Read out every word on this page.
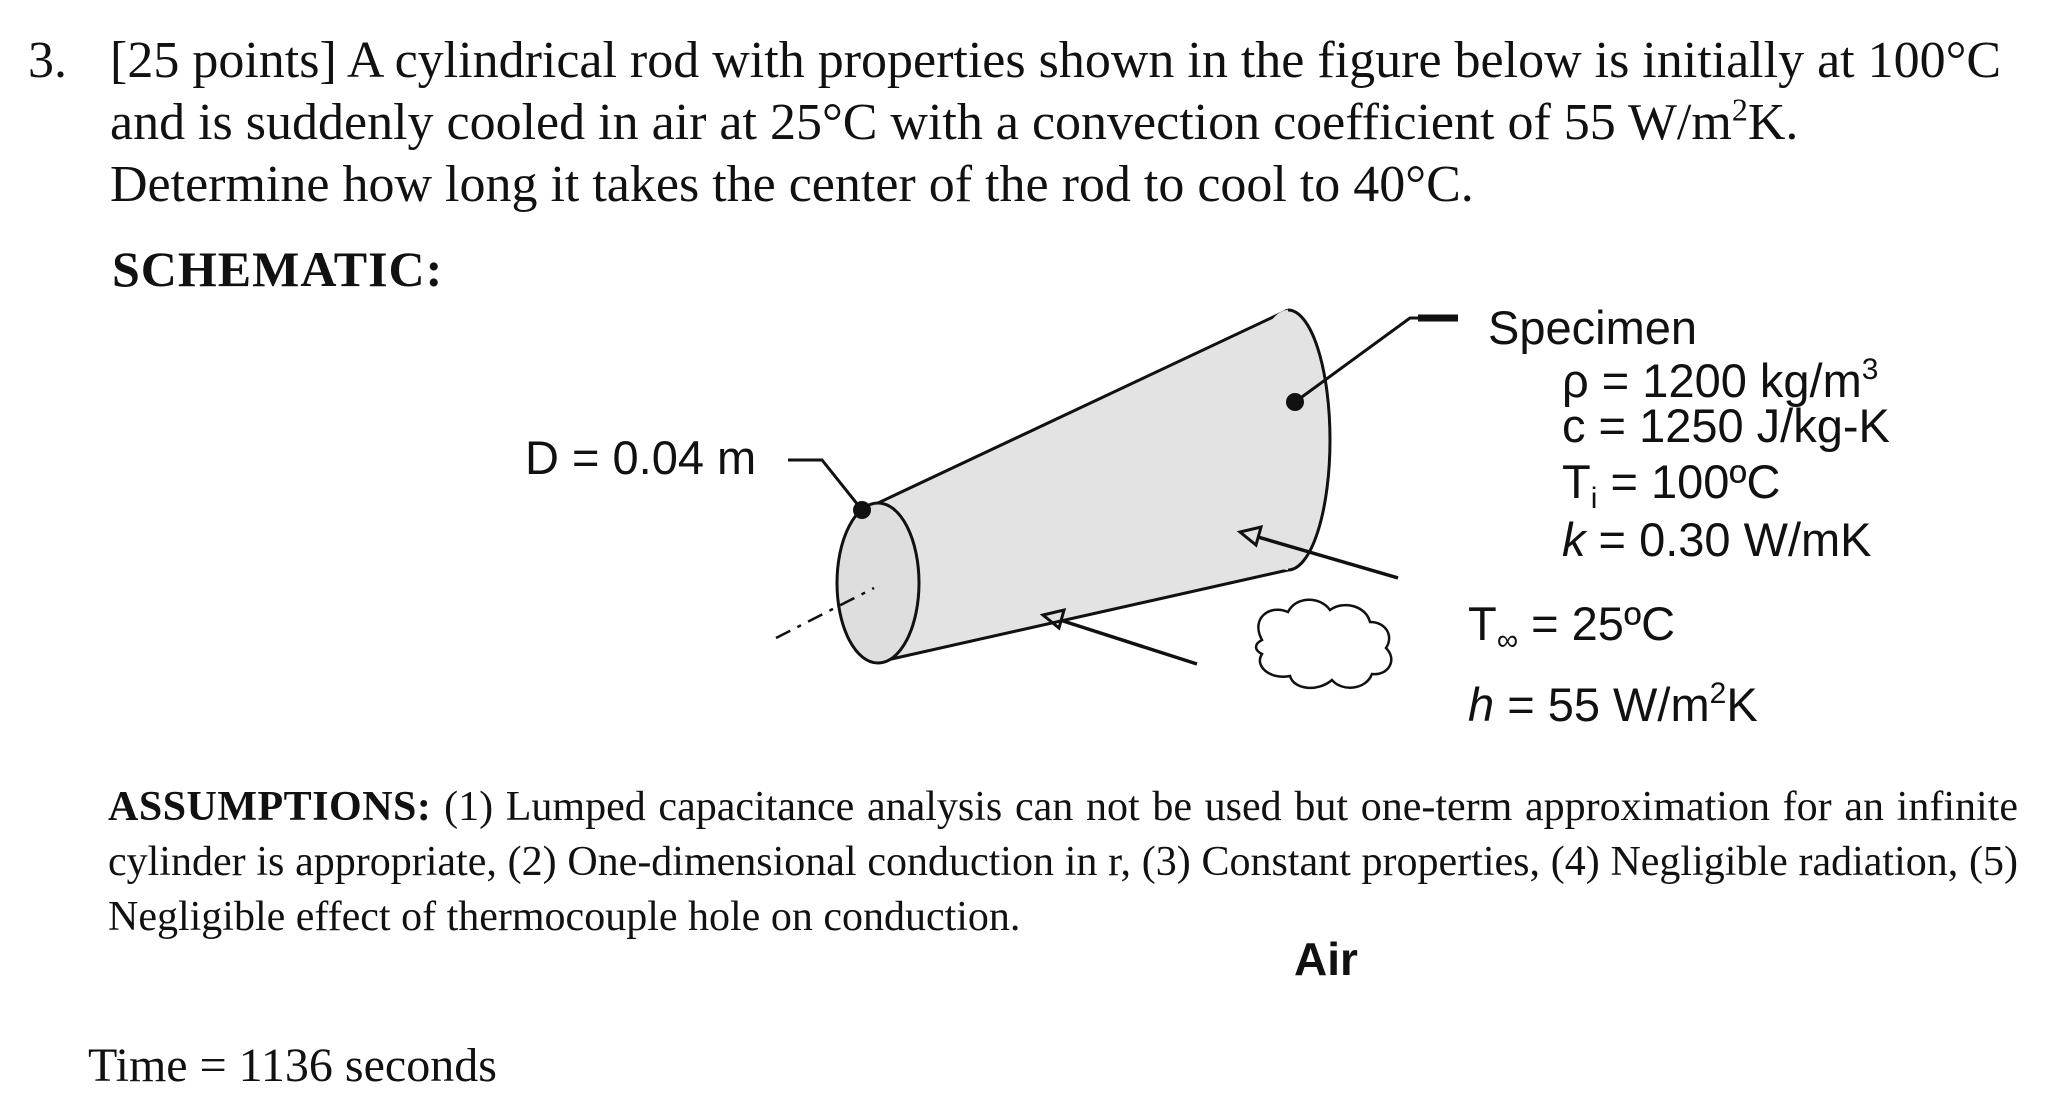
3. [25 points] A cylindrical rod with properties shown in the figure below is initially at 100°C and is suddenly cooled in air at 25°C with a convection coefficient of 55 $W/m^2K$. Determine how long it takes the center of the rod to cool to 40°C.
SCHEMATIC:
D = 0.04 m
Air
Specimen
ρ = 1200 $kg/m^3$
c = 1250 J/kg-K
$T_i$ = 100ºC
k = 0.30 W/mK
$T_\infty$ = 25ºC
h = 55 $W/m^2K$
ASSUMPTIONS: (1) Lumped capacitance analysis can not be used but one-term approximation for an infinite cylinder is appropriate, (2) One-dimensional conduction in r, (3) Constant properties, (4) Negligible radiation, (5) Negligible effect of thermocouple hole on conduction.
Time = 1136 seconds
